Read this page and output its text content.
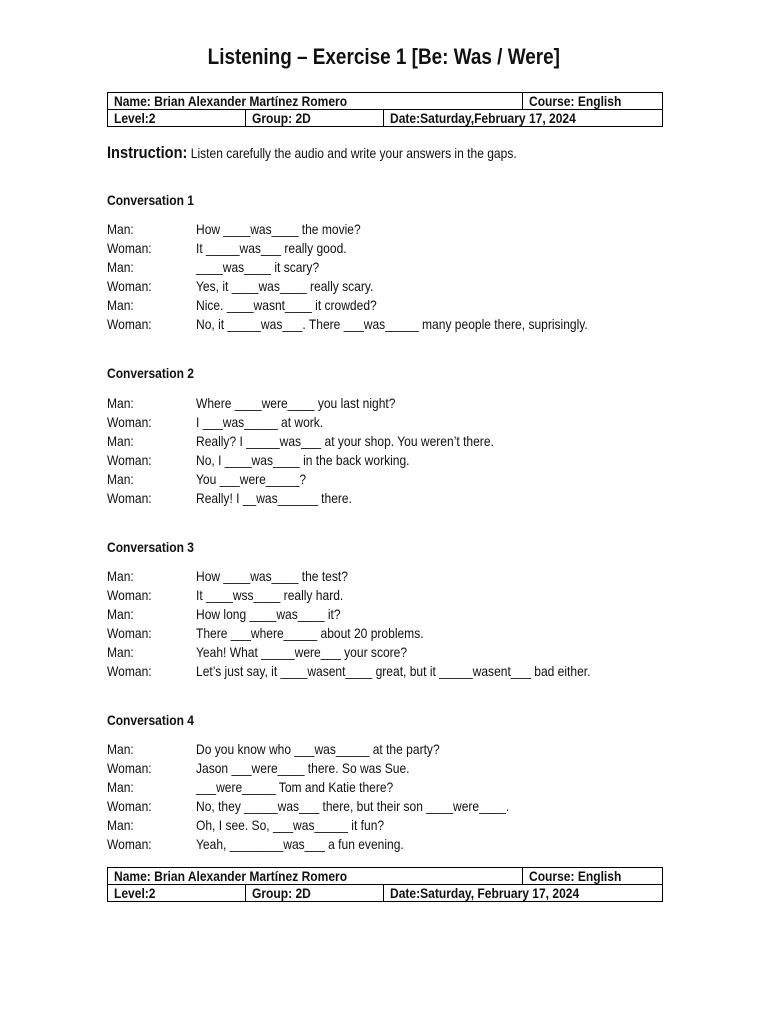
Listening – Exercise 1 [Be: Was / Were]
Name: Brian Alexander Martínez Romero			Course: English
Level:2	Group: 2D	Date:Saturday,February 17, 2024	
Instruction: Listen carefully the audio and write your answers in the gaps.
Conversation 1
Man:	How ____was____ the movie?
Woman:	It _____was___ really good.
Man:	____was____ it scary?
Woman:	Yes, it ____was____ really scary.
Man:	Nice. ____wasnt____ it crowded?
Woman:	No, it _____was___. There ___was_____ many people there, suprisingly.
Conversation 2
Man:	Where ____were____ you last night?
Woman:	I ___was_____ at work.
Man:	Really? I _____was___ at your shop. You weren’t there.
Woman:	No, I ____was____ in the back working.
Man:	You ___were_____?
Woman:	Really! I __was______ there.
Conversation 3
Man:	How ____was____ the test?
Woman:	It ____wss____ really hard.
Man:	How long ____was____ it?
Woman:	There ___where_____ about 20 problems.
Man:	Yeah! What _____were___ your score?
Woman:	Let’s just say, it ____wasent____ great, but it _____wasent___ bad either.
Conversation 4
Man:	Do you know who ___was_____ at the party?
Woman:	Jason ___were____ there. So was Sue.
Man:	___were_____ Tom and Katie there?
Woman:	No, they _____was___ there, but their son ____were____.
Man:	Oh, I see. So, ___was_____ it fun?
Woman:	Yeah, ________was___ a fun evening.
Name: Brian Alexander Martínez Romero			Course: English
Level:2	Group: 2D	Date:Saturday, February 17, 2024	
